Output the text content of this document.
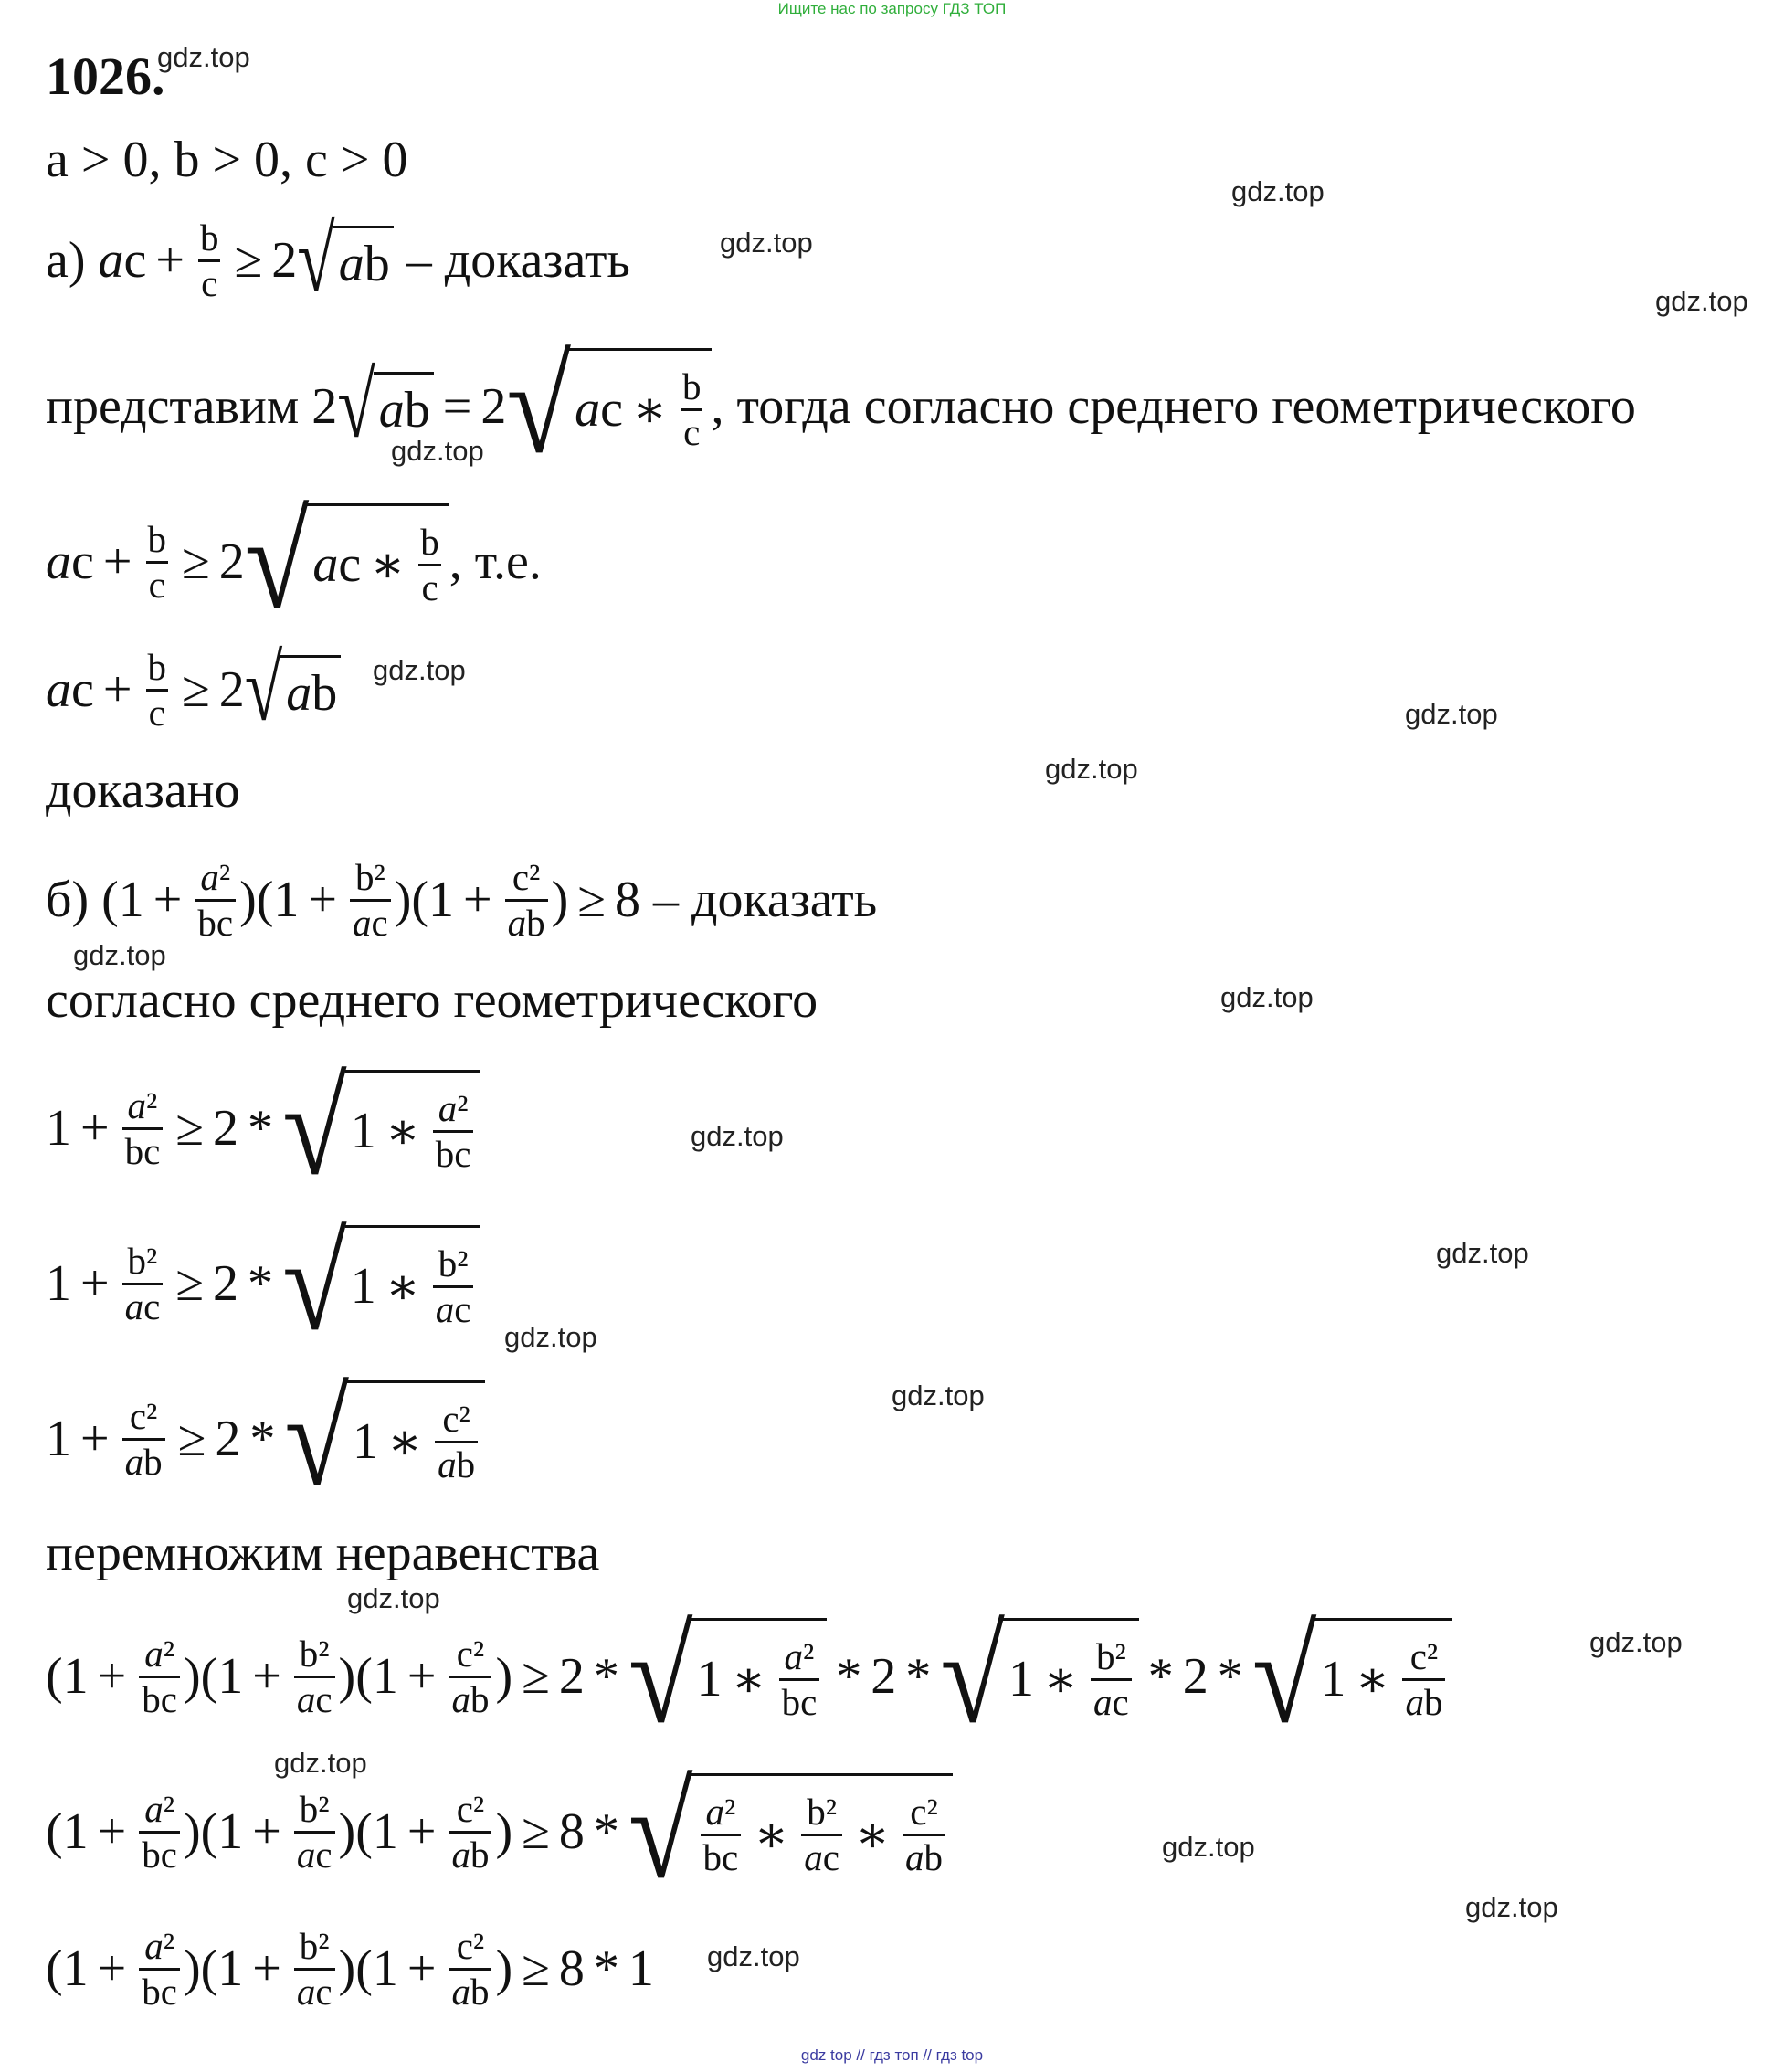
Ищите нас по запросу ГДЗ ТОП
1026.
a > 0, b > 0, c > 0
а) a $c + \frac{b}{c} \ge 2$ √ a b – доказать
представим 2 √ a b = 2 √ a c ∗ $\frac{b}{c}$ , тогда согласно среднего геометрического
a $c + \frac{b}{c} \ge 2$ √ a c ∗ $\frac{b}{c}$ , т.е.
a $c + \frac{b}{c} \ge 2$ √ a b
доказано
б) $(1 + \frac{\text{a²}}{bc} )(1 + \frac{\text{b²}}{ac} )(1 + \frac{\text{c²}}{ab}$ ) ≥ 8 – доказать
согласно среднего геометрического
$1 + \frac{\text{a²}}{bc} \ge 2$ * √ 1 ∗ $\frac{\text{a²}}{bc}$
$1 + \frac{\text{b²}}{ac} \ge 2$ * √ 1 ∗ $\frac{\text{b²}}{ac}$
$1 + \frac{\text{c²}}{ab} \ge 2$ * √ 1 ∗ $\frac{\text{c²}}{ab}$
перемножим неравенства
$(1 + \frac{\text{a²}}{bc} )(1 + \frac{\text{b²}}{ac} )(1 + \frac{\text{c²}}{ab}$ ) ≥ 2 * √ 1 ∗ $\frac{\text{a²}}{bc} * 2$ * √ 1 ∗ $\frac{\text{b²}}{ac} * 2$ * √ 1 ∗ $\frac{\text{c²}}{ab}$
$(1 + \frac{\text{a²}}{bc} )(1 + \frac{\text{b²}}{ac} )(1 + \frac{\text{c²}}{ab}$ ) ≥ 8 * √ $\frac{\text{a²}}{bc}$ ∗ $\frac{\text{b²}}{ac}$ ∗ $\frac{\text{c²}}{ab}$
$(1 + \frac{\text{a²}}{bc} )(1 + \frac{\text{b²}}{ac} )(1 + \frac{\text{c²}}{ab}$ ) ≥ 8 * 1
gdz.top
gdz.top
gdz.top
gdz.top
gdz.top
gdz.top
gdz.top
gdz.top
gdz.top
gdz.top
gdz.top
gdz.top
gdz.top
gdz.top
gdz.top
gdz.top
gdz.top
gdz.top
gdz.top
gdz.top
gdz top // гдз топ // гдз top
